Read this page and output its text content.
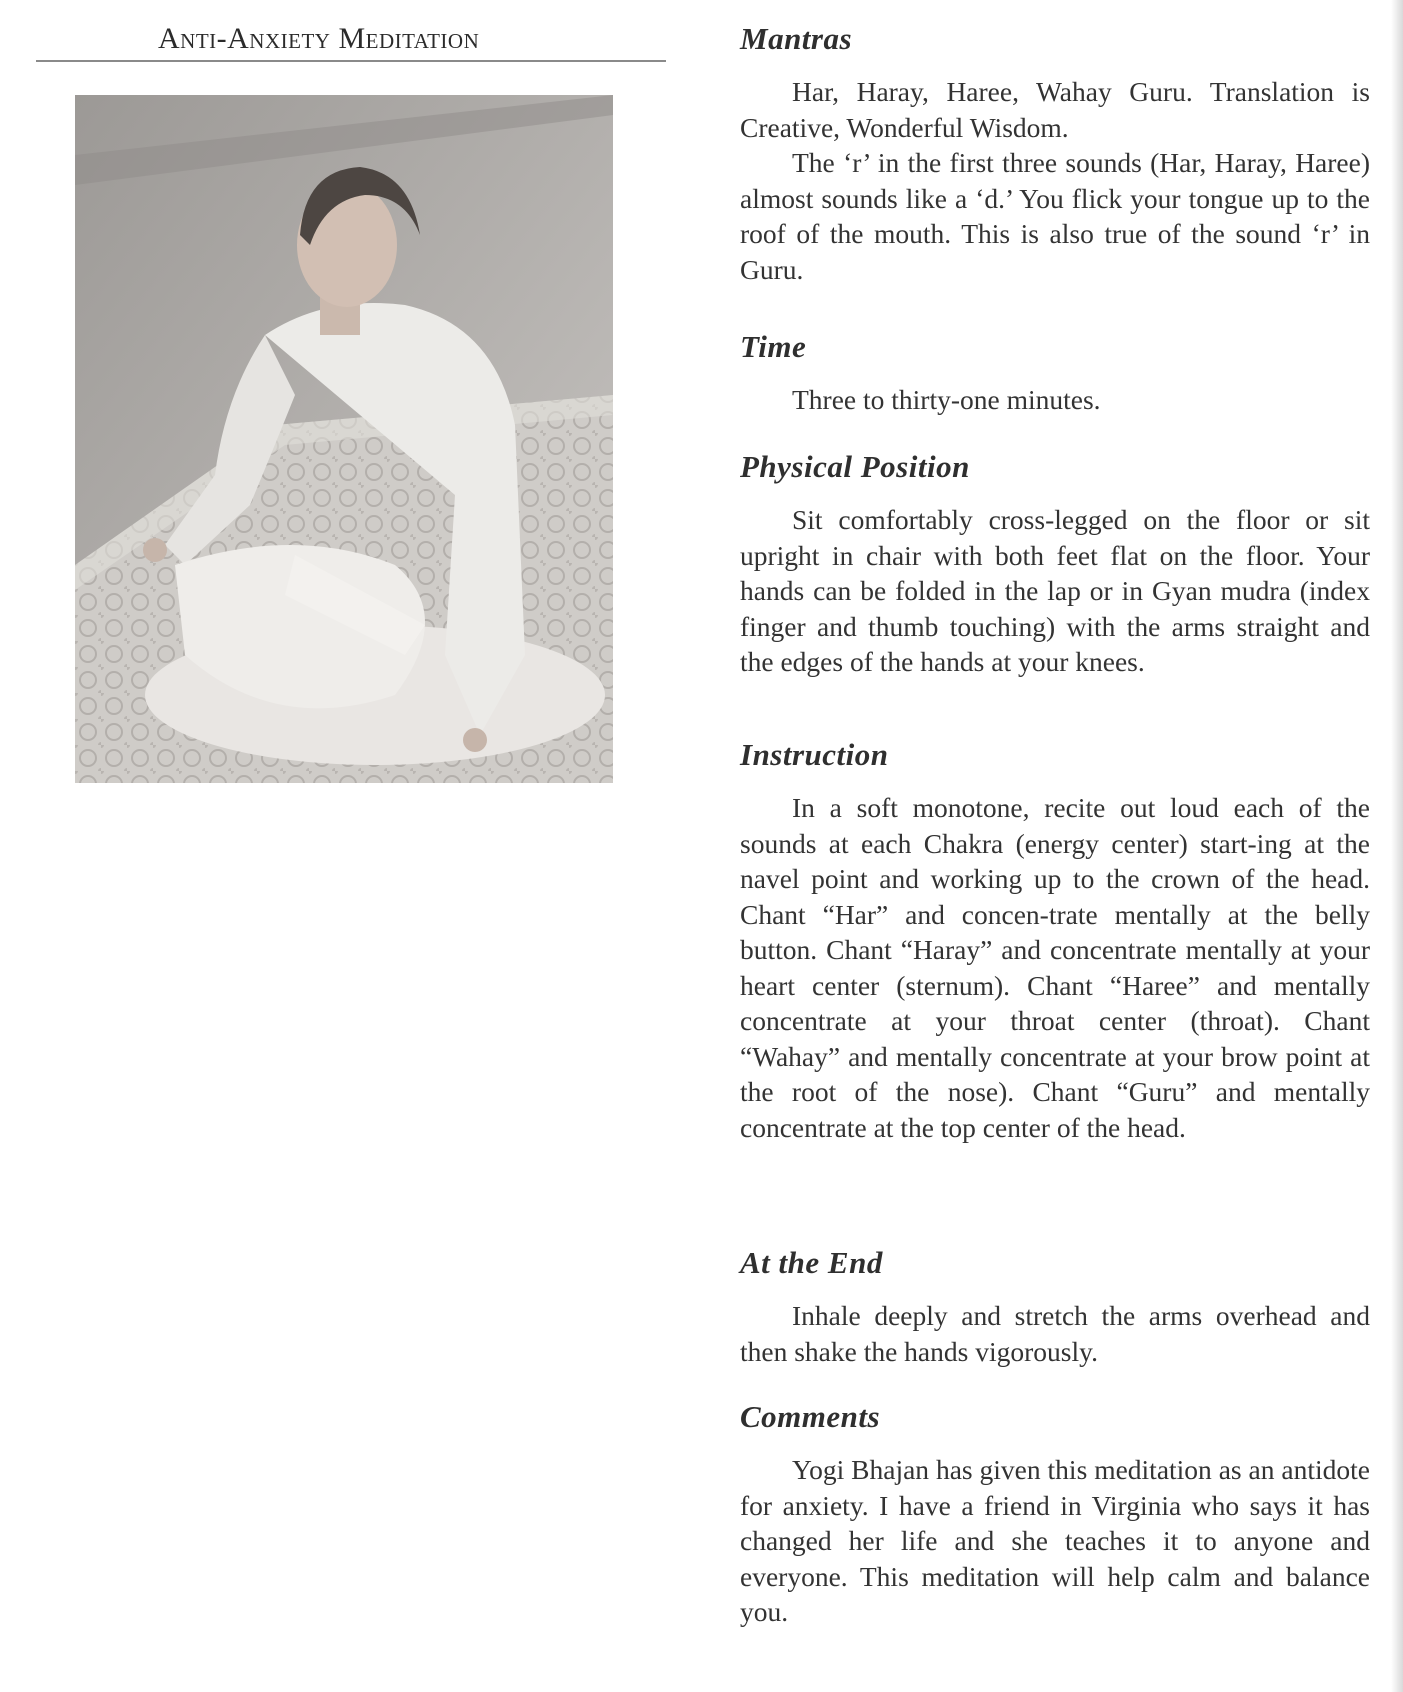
Anti-Anxiety Meditation	Mantras

Har, Haray, Haree, Wahay Guru. Translation is Creative, Wonderful Wisdom.

The ‘r’ in the first three sounds (Har, Haray, Haree) almost sounds like a ‘d.’ You flick your tongue up to the roof of the mouth. This is also true of the sound ‘r’ in Guru.

Time

Three to thirty-one minutes.

Physical Position

Sit comfortably cross-legged on the floor or sit upright in chair with both feet flat on the floor. Your hands can be folded in the lap or in Gyan mudra (index finger and thumb touching) with the arms straight and the edges of the hands at your knees.

Instruction

In a soft monotone, recite out loud each of the sounds at each Chakra (energy center) start-ing at the navel point and working up to the crown of the head. Chant “Har” and concen-trate mentally at the belly button. Chant “Haray” and concentrate mentally at your heart center (sternum). Chant “Haree” and mentally concentrate at your throat center (throat). Chant “Wahay” and mentally concentrate at your brow point at the root of the nose). Chant “Guru” and mentally concentrate at the top center of the head.

At the End

Inhale deeply and stretch the arms overhead and then shake the hands vigorously.

Comments

Yogi Bhajan has given this meditation as an antidote for anxiety. I have a friend in Virginia who says it has changed her life and she teaches it to anyone and everyone. This meditation will help calm and balance you.
